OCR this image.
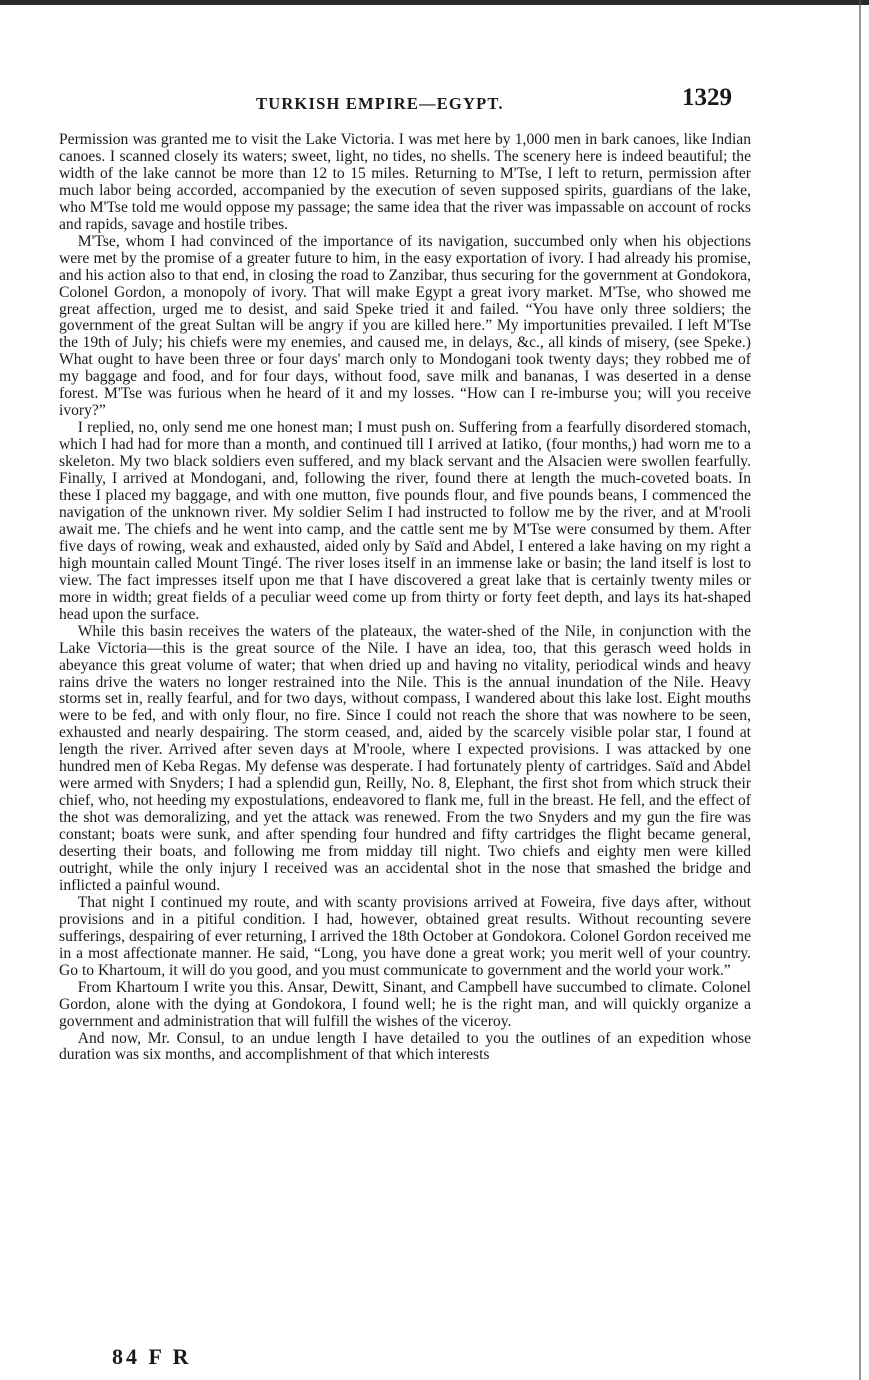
TURKISH EMPIRE—EGYPT.	1329

Permission was granted me to visit the Lake Victoria. I was met here by 1,000 men in bark canoes, like Indian canoes. I scanned closely its waters; sweet, light, no tides, no shells. The scenery here is indeed beautiful; the width of the lake cannot be more than 12 to 15 miles. Returning to M'Tse, I left to return, permission after much labor being accorded, accompanied by the execution of seven supposed spirits, guardians of the lake, who M'Tse told me would oppose my passage; the same idea that the river was impassable on account of rocks and rapids, savage and hostile tribes.

M'Tse, whom I had convinced of the importance of its navigation, succumbed only when his objections were met by the promise of a greater future to him, in the easy exportation of ivory. I had already his promise, and his action also to that end, in closing the road to Zanzibar, thus securing for the government at Gondokora, Colonel Gordon, a monopoly of ivory. That will make Egypt a great ivory market. M'Tse, who showed me great affection, urged me to desist, and said Speke tried it and failed. “You have only three soldiers; the government of the great Sultan will be angry if you are killed here.” My importunities prevailed. I left M'Tse the 19th of July; his chiefs were my enemies, and caused me, in delays, &c., all kinds of misery, (see Speke.) What ought to have been three or four days' march only to Mondogani took twenty days; they robbed me of my baggage and food, and for four days, without food, save milk and bananas, I was deserted in a dense forest. M'Tse was furious when he heard of it and my losses. “How can I re-imburse you; will you receive ivory?”

I replied, no, only send me one honest man; I must push on. Suffering from a fearfully disordered stomach, which I had had for more than a month, and continued till I arrived at Iatiko, (four months,) had worn me to a skeleton. My two black soldiers even suffered, and my black servant and the Alsacien were swollen fearfully. Finally, I arrived at Mondogani, and, following the river, found there at length the much-coveted boats. In these I placed my baggage, and with one mutton, five pounds flour, and five pounds beans, I commenced the navigation of the unknown river. My soldier Selim I had instructed to follow me by the river, and at M'rooli await me. The chiefs and he went into camp, and the cattle sent me by M'Tse were consumed by them. After five days of rowing, weak and exhausted, aided only by Saïd and Abdel, I entered a lake having on my right a high mountain called Mount Tingé. The river loses itself in an immense lake or basin; the land itself is lost to view. The fact impresses itself upon me that I have discovered a great lake that is certainly twenty miles or more in width; great fields of a peculiar weed come up from thirty or forty feet depth, and lays its hat-shaped head upon the surface.

While this basin receives the waters of the plateaux, the water-shed of the Nile, in conjunction with the Lake Victoria—this is the great source of the Nile. I have an idea, too, that this gerasch weed holds in abeyance this great volume of water; that when dried up and having no vitality, periodical winds and heavy rains drive the waters no longer restrained into the Nile. This is the annual inundation of the Nile. Heavy storms set in, really fearful, and for two days, without compass, I wandered about this lake lost. Eight mouths were to be fed, and with only flour, no fire. Since I could not reach the shore that was nowhere to be seen, exhausted and nearly despairing. The storm ceased, and, aided by the scarcely visible polar star, I found at length the river. Arrived after seven days at M'roole, where I expected provisions. I was attacked by one hundred men of Keba Regas. My defense was desperate. I had fortunately plenty of cartridges. Saïd and Abdel were armed with Snyders; I had a splendid gun, Reilly, No. 8, Elephant, the first shot from which struck their chief, who, not heeding my expostulations, endeavored to flank me, full in the breast. He fell, and the effect of the shot was demoralizing, and yet the attack was renewed. From the two Snyders and my gun the fire was constant; boats were sunk, and after spending four hundred and fifty cartridges the flight became general, deserting their boats, and following me from midday till night. Two chiefs and eighty men were killed outright, while the only injury I received was an accidental shot in the nose that smashed the bridge and inflicted a painful wound.

That night I continued my route, and with scanty provisions arrived at Foweira, five days after, without provisions and in a pitiful condition. I had, however, obtained great results. Without recounting severe sufferings, despairing of ever returning, I arrived the 18th October at Gondokora. Colonel Gordon received me in a most affectionate manner. He said, “Long, you have done a great work; you merit well of your country. Go to Khartoum, it will do you good, and you must communicate to government and the world your work.”

From Khartoum I write you this. Ansar, Dewitt, Sinant, and Campbell have succumbed to climate. Colonel Gordon, alone with the dying at Gondokora, I found well; he is the right man, and will quickly organize a government and administration that will fulfill the wishes of the viceroy.

And now, Mr. Consul, to an undue length I have detailed to you the outlines of an expedition whose duration was six months, and accomplishment of that which interests

84 F R
